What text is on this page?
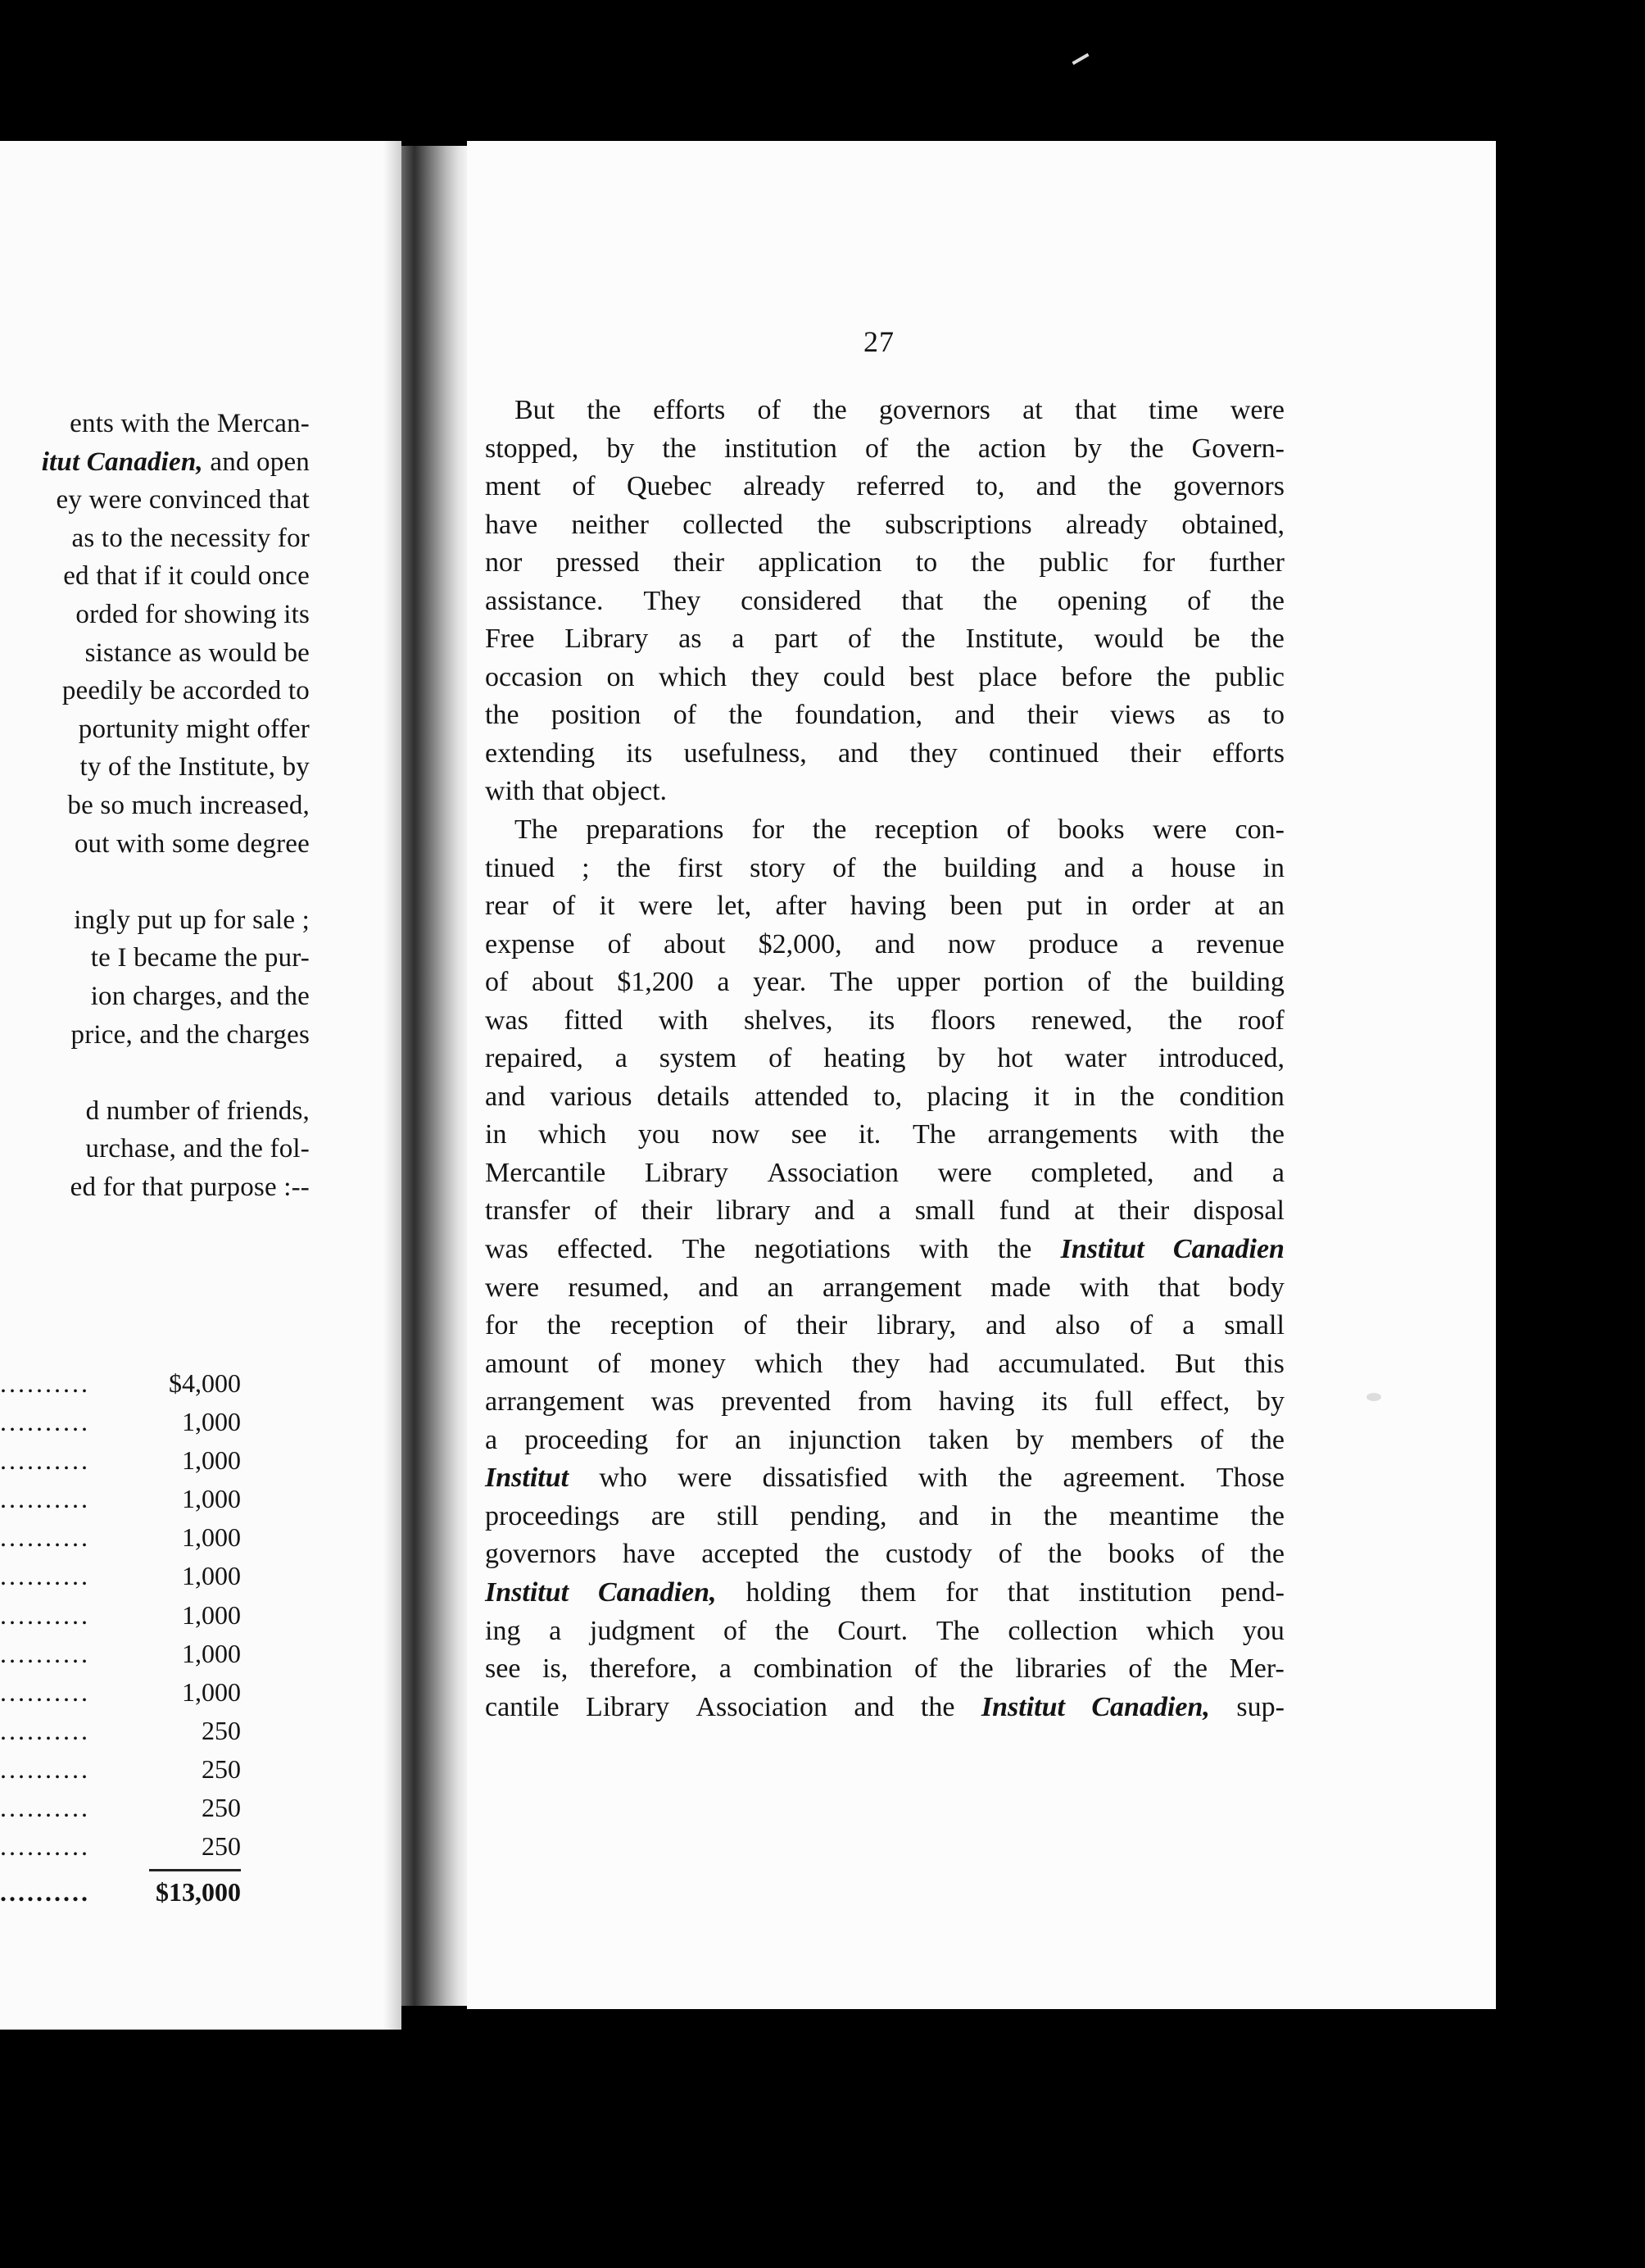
ents with the Mercan-
itut Canadien, and open
ey were convinced that
as to the necessity for
ed that if it could once
orded for showing its
sistance as would be
peedily be accorded to
portunity might offer
ty of the Institute, by
be so much increased,
out with some degree
ingly put up for sale ;
te I became the pur-
ion charges, and the
price, and the charges
d number of friends,
urchase, and the fol-
ed for that purpose :--
..........	$4,000
..........	1,000
..........	1,000
..........	1,000
..........	1,000
..........	1,000
..........	1,000
..........	1,000
..........	1,000
..........	250
..........	250
..........	250
..........	250
..........	$13,000
27
But the efforts of the governors at that time were
stopped, by the institution of the action by the Govern-
ment of Quebec already referred to, and the governors
have neither collected the subscriptions already obtained,
nor pressed their application to the public for further
assistance. They considered that the opening of the
Free Library as a part of the Institute, would be the
occasion on which they could best place before the public
the position of the foundation, and their views as to
extending its usefulness, and they continued their efforts
with that object.
The preparations for the reception of books were con-
tinued ; the first story of the building and a house in
rear of it were let, after having been put in order at an
expense of about $2,000, and now produce a revenue
of about $1,200 a year. The upper portion of the building
was fitted with shelves, its floors renewed, the roof
repaired, a system of heating by hot water introduced,
and various details attended to, placing it in the condition
in which you now see it. The arrangements with the
Mercantile Library Association were completed, and a
transfer of their library and a small fund at their disposal
was effected. The negotiations with the Institut Canadien
were resumed, and an arrangement made with that body
for the reception of their library, and also of a small
amount of money which they had accumulated. But this
arrangement was prevented from having its full effect, by
a proceeding for an injunction taken by members of the
Institut who were dissatisfied with the agreement. Those
proceedings are still pending, and in the meantime the
governors have accepted the custody of the books of the
Institut Canadien, holding them for that institution pend-
ing a judgment of the Court. The collection which you
see is, therefore, a combination of the libraries of the Mer-
cantile Library Association and the Institut Canadien, sup-
